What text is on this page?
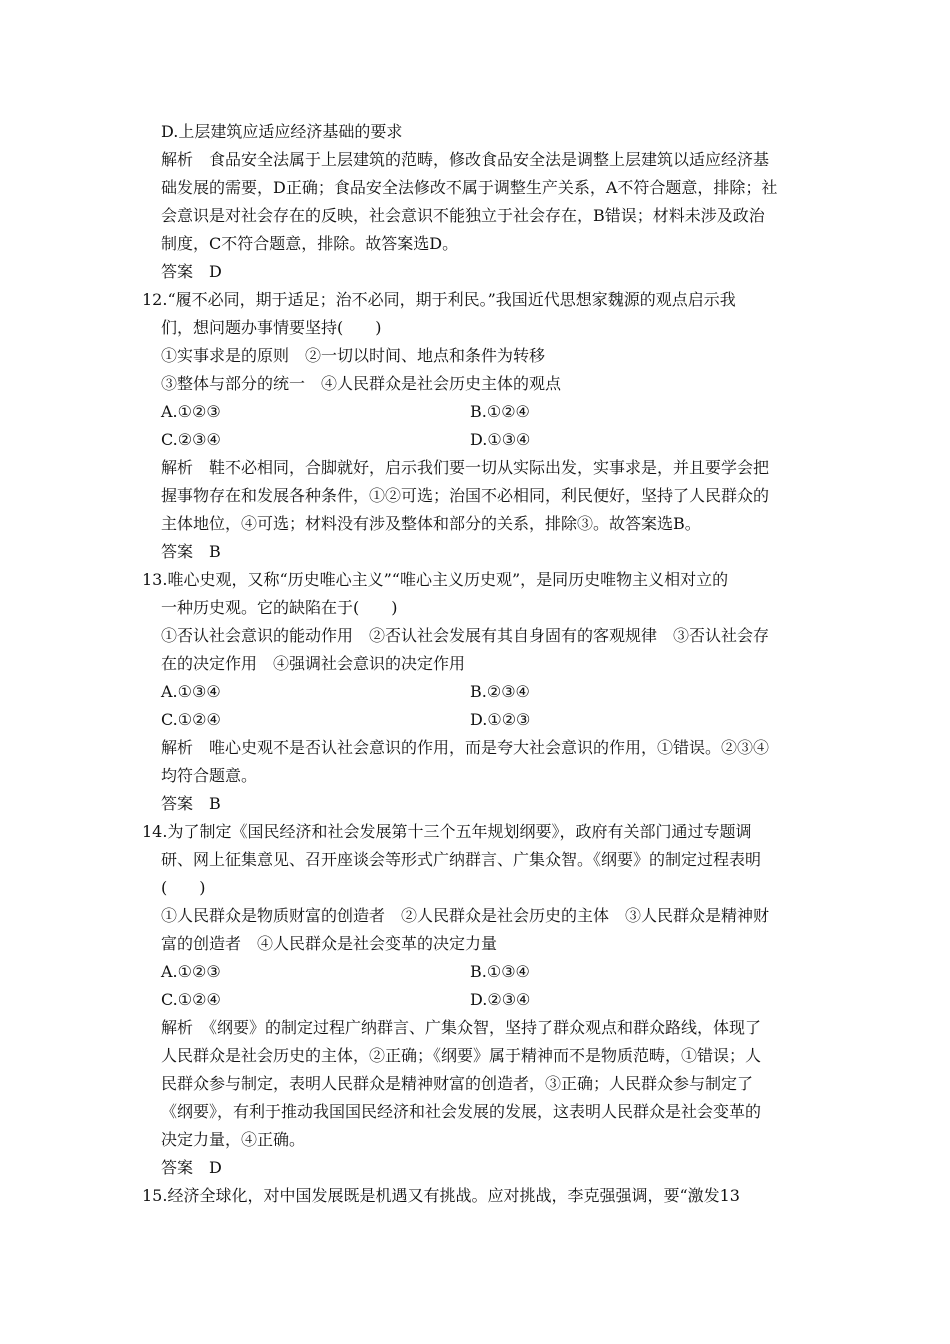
D.上层建筑应适应经济基础的要求
解析　食品安全法属于上层建筑的范畴，修改食品安全法是调整上层建筑以适应经济基
础发展的需要，D正确；食品安全法修改不属于调整生产关系，A不符合题意，排除；社
会意识是对社会存在的反映，社会意识不能独立于社会存在，B错误；材料未涉及政治
制度，C不符合题意，排除。故答案选D。
答案　D
12.“履不必同，期于适足；治不必同，期于利民。”我国近代思想家魏源的观点启示我
们，想问题办事情要坚持(　　)
①实事求是的原则　②一切以时间、地点和条件为转移
③整体与部分的统一　④人民群众是社会历史主体的观点
A.①②③	B.①②④
C.②③④	D.①③④
解析　鞋不必相同，合脚就好，启示我们要一切从实际出发，实事求是，并且要学会把
握事物存在和发展各种条件，①②可选；治国不必相同，利民便好，坚持了人民群众的
主体地位，④可选；材料没有涉及整体和部分的关系，排除③。故答案选B。
答案　B
13.唯心史观，又称“历史唯心主义”“唯心主义历史观”，是同历史唯物主义相对立的
一种历史观。它的缺陷在于(　　)
①否认社会意识的能动作用　②否认社会发展有其自身固有的客观规律　③否认社会存
在的决定作用　④强调社会意识的决定作用
A.①③④	B.②③④
C.①②④	D.①②③
解析　唯心史观不是否认社会意识的作用，而是夸大社会意识的作用，①错误。②③④
均符合题意。
答案　B
14.为了制定《国民经济和社会发展第十三个五年规划纲要》，政府有关部门通过专题调
研、网上征集意见、召开座谈会等形式广纳群言、广集众智。《纲要》的制定过程表明
(　　)
①人民群众是物质财富的创造者　②人民群众是社会历史的主体　③人民群众是精神财
富的创造者　④人民群众是社会变革的决定力量
A.①②③	B.①③④
C.①②④	D.②③④
解析　《纲要》的制定过程广纳群言、广集众智，坚持了群众观点和群众路线，体现了
人民群众是社会历史的主体，②正确；《纲要》属于精神而不是物质范畴，①错误；人
民群众参与制定，表明人民群众是精神财富的创造者，③正确；人民群众参与制定了
《纲要》，有利于推动我国国民经济和社会发展的发展，这表明人民群众是社会变革的
决定力量，④正确。
答案　D
15.经济全球化，对中国发展既是机遇又有挑战。应对挑战，李克强强调，要“激发13
